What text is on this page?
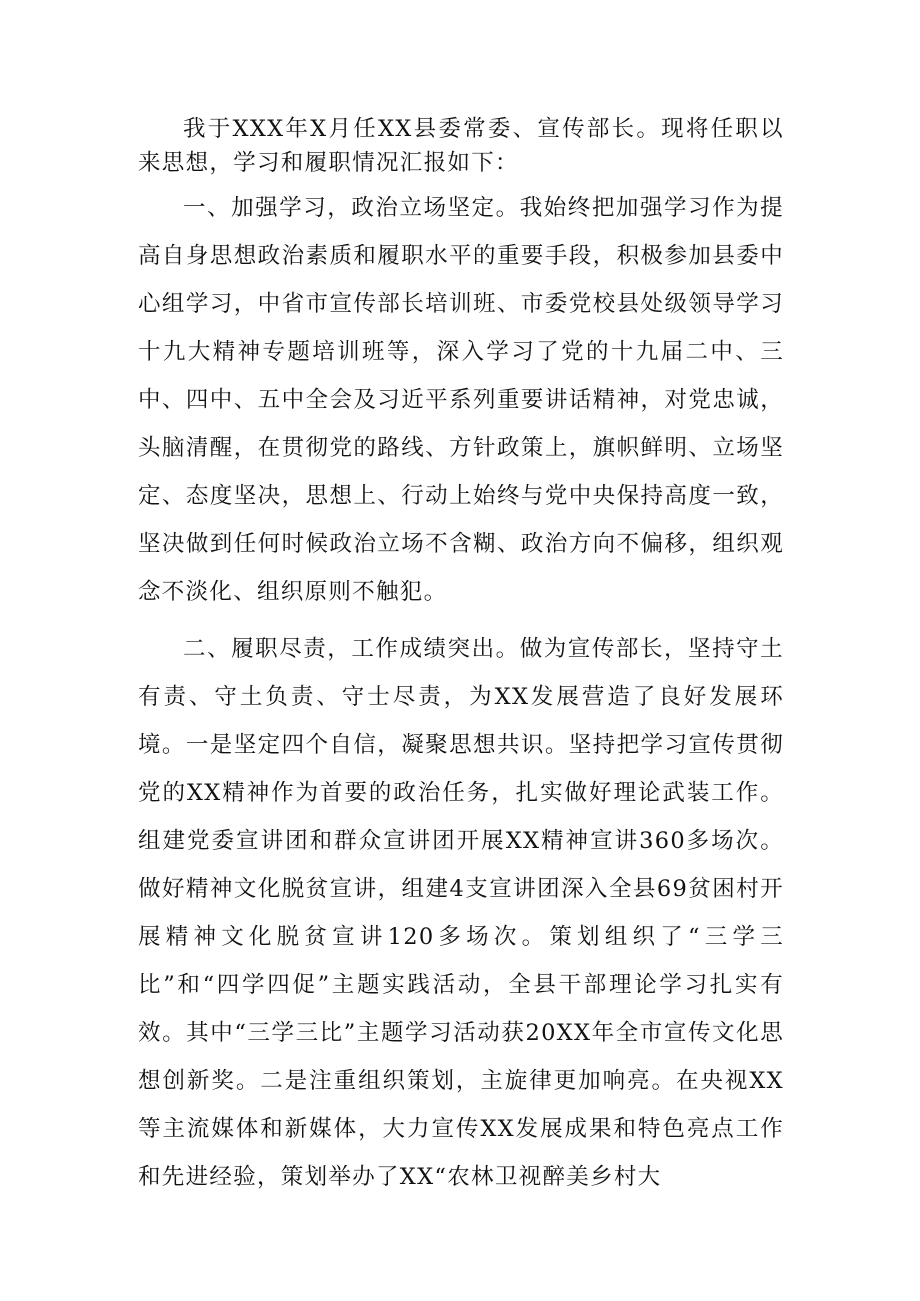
我于XXX年X月任XX县委常委、宣传部长。现将任职以来思想，学习和履职情况汇报如下：

一、加强学习，政治立场坚定。我始终把加强学习作为提高自身思想政治素质和履职水平的重要手段，积极参加县委中心组学习，中省市宣传部长培训班、市委党校县处级领导学习十九大精神专题培训班等，深入学习了党的十九届二中、三中、四中、五中全会及习近平系列重要讲话精神，对党忠诚，头脑清醒，在贯彻党的路线、方针政策上，旗帜鲜明、立场坚定、态度坚决，思想上、行动上始终与党中央保持高度一致，坚决做到任何时候政治立场不含糊、政治方向不偏移，组织观念不淡化、组织原则不触犯。

二、履职尽责，工作成绩突出。做为宣传部长，坚持守土有责、守土负责、守士尽责，为XX发展营造了良好发展环境。一是坚定四个自信，凝聚思想共识。坚持把学习宣传贯彻党的XX精神作为首要的政治任务，扎实做好理论武装工作。组建党委宣讲团和群众宣讲团开展XX精神宣讲360多场次。做好精神文化脱贫宣讲，组建4支宣讲团深入全县69贫困村开展精神文化脱贫宣讲120多场次。策划组织了“三学三比”和“四学四促”主题实践活动，全县干部理论学习扎实有效。其中“三学三比”主题学习活动获20XX年全市宣传文化思想创新奖。二是注重组织策划，主旋律更加响亮。在央视XX等主流媒体和新媒体，大力宣传XX发展成果和特色亮点工作和先进经验，策划举办了XX“农林卫视醉美乡村大
